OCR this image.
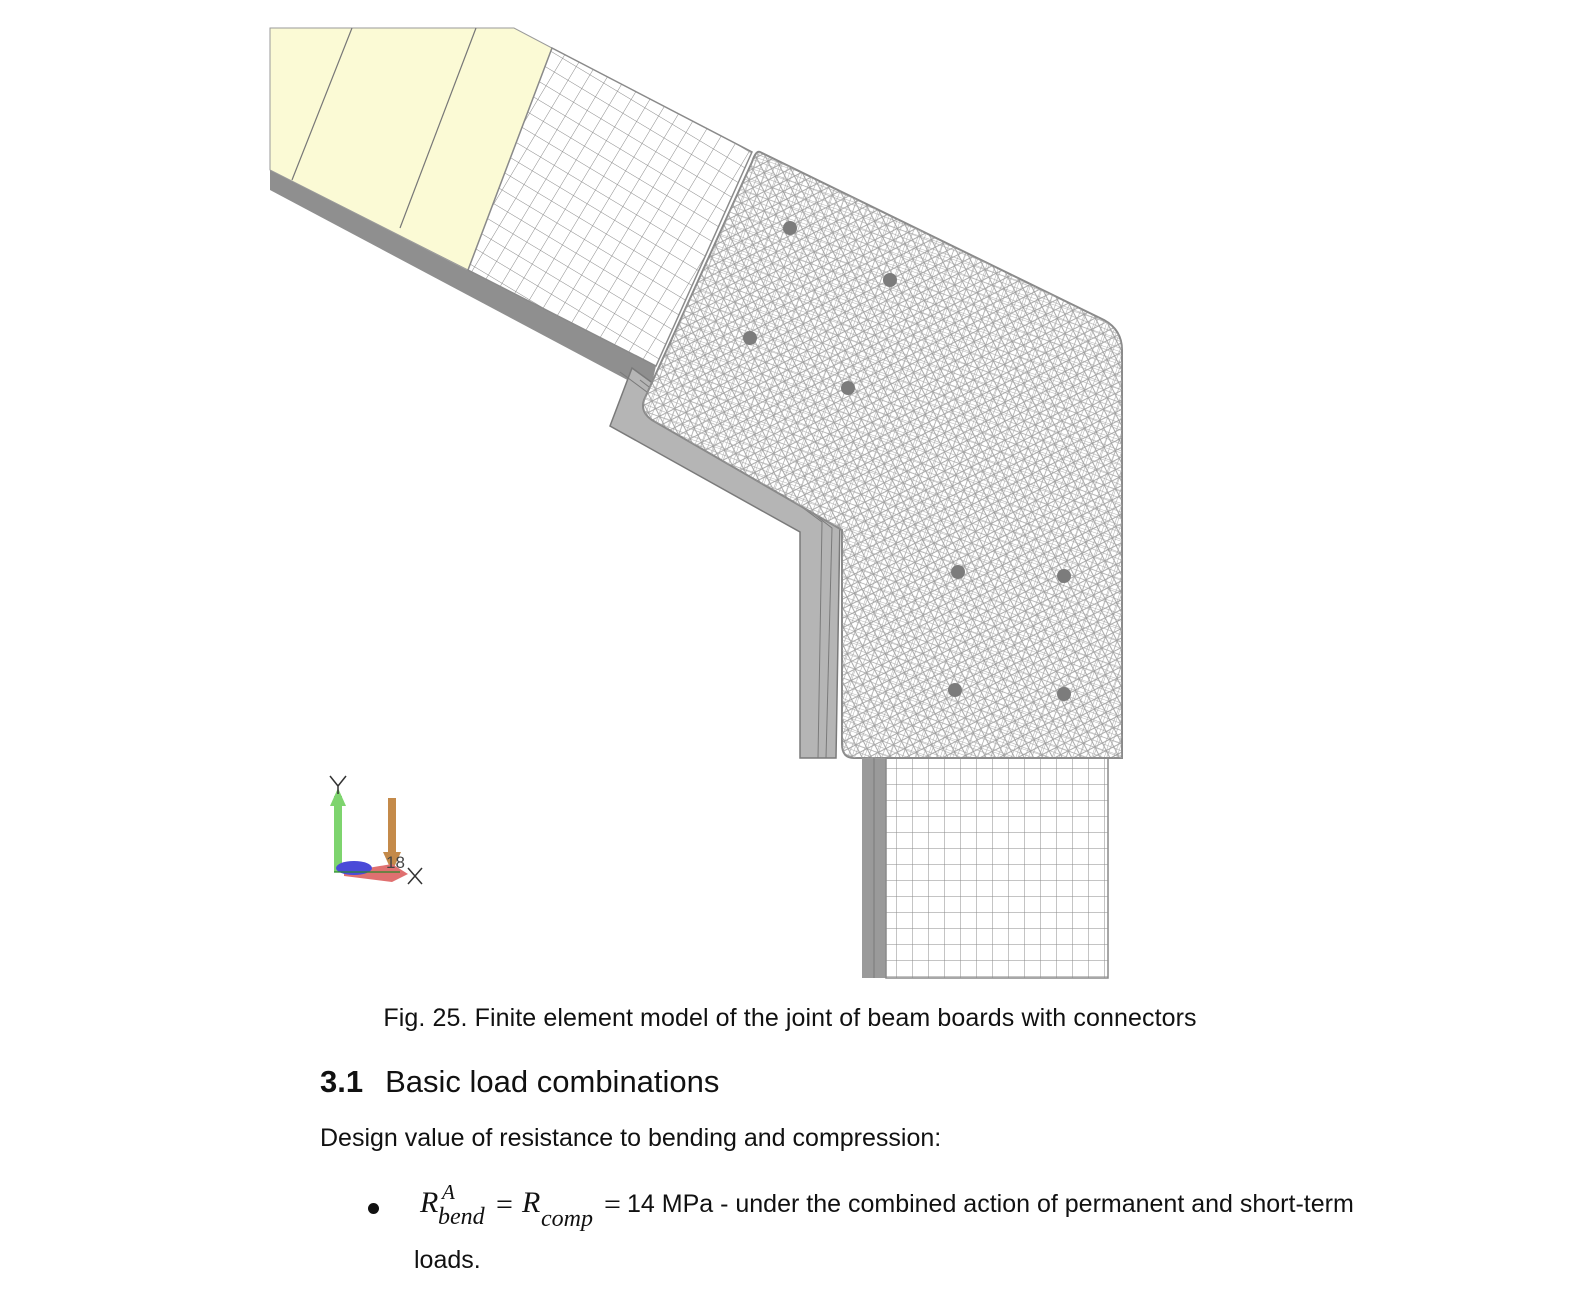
18
Fig. 25. Finite element model of the joint of beam boards with connectors
3.1 Basic load combinations
Design value of resistance to bending and compression:
R A
bend = R comp = 14 MPa - under the combined action of permanent and short-term
loads.
